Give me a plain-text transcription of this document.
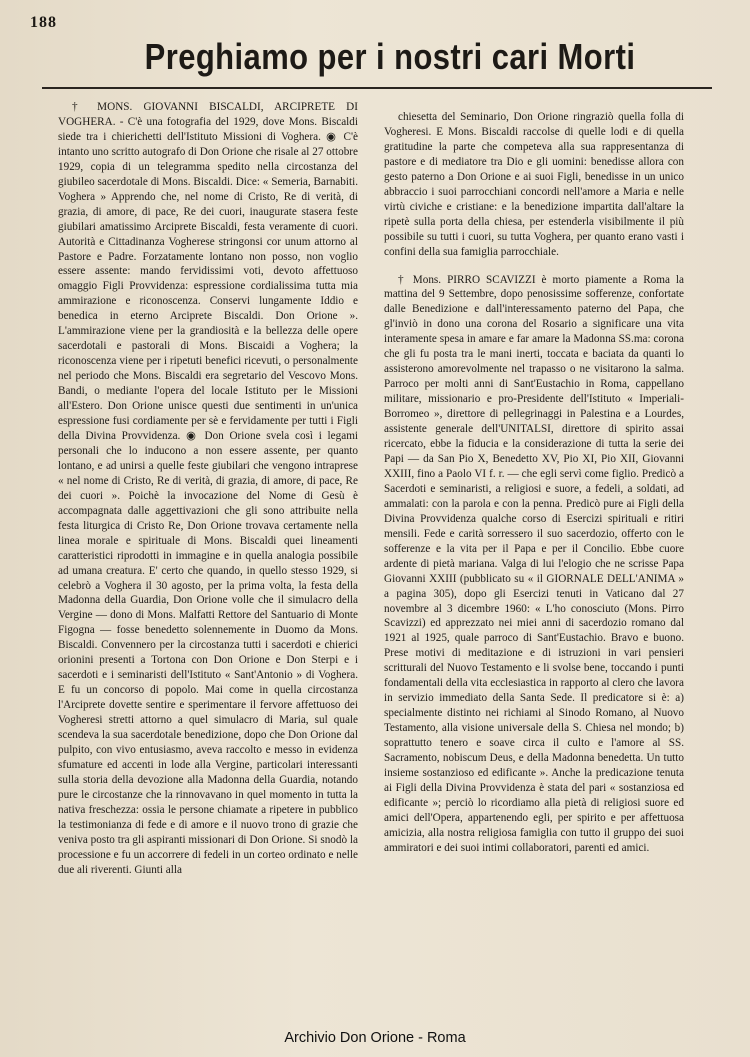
188
Preghiamo per i nostri cari Morti

† MONS. GIOVANNI BISCALDI, ARCIPRETE DI VOGHERA. - C'è una fotografia del 1929, dove Mons. Biscaldi siede tra i chierichetti dell'Istituto Missioni di Voghera. ◉ C'è intanto uno scritto autografo di Don Orione che risale al 27 ottobre 1929, copia di un telegramma spedito nella circostanza del giubileo sacerdotale di Mons. Biscaldi. Dice: « Semeria, Barnabiti. Voghera » Apprendo che, nel nome di Cristo, Re di verità, di grazia, di amore, di pace, Re dei cuori, inaugurate stasera feste giubilari amatissimo Arciprete Biscaldi, festa veramente di cuori. Autorità e Cittadinanza Vogherese stringonsi cor unum attorno al Pastore e Padre. Forzatamente lontano non posso, non voglio essere assente: mando fervidissimi voti, devoto affettuoso omaggio Figli Provvidenza: espressione cordialissima tutta mia ammirazione e riconoscenza. Conservi lungamente Iddio e benedica in eterno Arciprete Biscaldi. Don Orione ». L'ammirazione viene per la grandiosità e la bellezza delle opere sacerdotali e pastorali di Mons. Biscaidi a Voghera; la riconoscenza viene per i ripetuti benefici ricevuti, o personalmente nel periodo che Mons. Biscaldi era segretario del Vescovo Mons. Bandi, o mediante l'opera del locale Istituto per le Missioni all'Estero. Don Orione unisce questi due sentimenti in un'unica espressione fusi cordiamente per sè e fervidamente per tutti i Figli della Divina Provvidenza. ◉ Don Orione svela così i legami personali che lo inducono a non essere assente, per quanto lontano, e ad unirsi a quelle feste giubilari che vengono intraprese « nel nome di Cristo, Re di verità, di grazia, di amore, di pace, Re dei cuori ». Poichè la invocazione del Nome di Gesù è accompagnata dalle aggettivazioni che gli sono attribuite nella festa liturgica di Cristo Re, Don Orione trovava certamente nella linea morale e spirituale di Mons. Biscaldi quei lineamenti caratteristici riprodotti in immagine e in quella analogia possibile ad umana creatura. E' certo che quando, in quello stesso 1929, si celebrò a Voghera il 30 agosto, per la prima volta, la festa della Madonna della Guardia, Don Orione volle che il simulacro della Vergine — dono di Mons. Malfatti Rettore del Santuario di Monte Figogna — fosse benedetto solennemente in Duomo da Mons. Biscaldi. Convennero per la circostanza tutti i sacerdoti e chierici orionini presenti a Tortona con Don Orione e Don Sterpi e i sacerdoti e i seminaristi dell'Istituto « Sant'Antonio » di Voghera. E fu un concorso di popolo. Mai come in quella circostanza l'Arciprete dovette sentire e sperimentare il fervore affettuoso dei Vogheresi stretti attorno a quel simulacro di Maria, sul quale scendeva la sua sacerdotale benedizione, dopo che Don Orione dal pulpito, con vivo entusiasmo, aveva raccolto e messo in evidenza sfumature ed accenti in lode alla Vergine, particolari interessanti sulla storia della devozione alla Madonna della Guardia, notando pure le circostanze che la rinnovavano in quel momento in tutta la nativa freschezza: ossia le persone chiamate a ripetere in pubblico la testimonianza di fede e di amore e il nuovo trono di grazie che veniva posto tra gli aspiranti missionari di Don Orione. Si snodò la processione e fu un accorrere di fedeli in un corteo ordinato e nelle due ali riverenti. Giunti alla

chiesetta del Seminario, Don Orione ringraziò quella folla di Vogheresi. E Mons. Biscaldi raccolse di quelle lodi e di quella gratitudine la parte che competeva alla sua rappresentanza di pastore e di mediatore tra Dio e gli uomini: benedisse allora con gesto paterno a Don Orione e ai suoi Figli, benedisse in un unico abbraccio i suoi parrocchiani concordi nell'amore a Maria e nelle virtù civiche e cristiane: e la benedizione impartita dall'altare la ripetè sulla porta della chiesa, per estenderla visibilmente il più possibile su tutti i cuori, su tutta Voghera, per quanto erano vasti i confini della sua famiglia parrocchiale.

† Mons. PIRRO SCAVIZZI è morto piamente a Roma la mattina del 9 Settembre, dopo penosissime sofferenze, confortate dalle Benedizione e dall'interessamento paterno del Papa, che gl'inviò in dono una corona del Rosario a significare una vita interamente spesa in amare e far amare la Madonna SS.ma: corona che gli fu posta tra le mani inerti, toccata e baciata da quanti lo assisterono amorevolmente nel trapasso o ne visitarono la salma. Parroco per molti anni di Sant'Eustachio in Roma, cappellano militare, missionario e pro-Presidente dell'Istituto « Imperiali-Borromeo », direttore di pellegrinaggi in Palestina e a Lourdes, assistente generale dell'UNITALSI, direttore di spirito assai ricercato, ebbe la fiducia e la considerazione di tutta la serie dei Papi — da San Pio X, Benedetto XV, Pio XI, Pio XII, Giovanni XXIII, fino a Paolo VI f. r. — che egli servì come figlio. Predicò a Sacerdoti e seminaristi, a religiosi e suore, a fedeli, a soldati, ad ammalati: con la parola e con la penna. Predicò pure ai Figli della Divina Provvidenza qualche corso di Esercizi spirituali e ritiri mensili. Fede e carità sorressero il suo sacerdozio, offerto con le sofferenze e la vita per il Papa e per il Concilio. Ebbe cuore ardente di pietà mariana. Valga di lui l'elogio che ne scrisse Papa Giovanni XXIII (pubblicato su « il GIORNALE DELL'ANIMA » a pagina 305), dopo gli Esercizi tenuti in Vaticano dal 27 novembre al 3 dicembre 1960: « L'ho conosciuto (Mons. Pirro Scavizzi) ed apprezzato nei miei anni di sacerdozio romano dal 1921 al 1925, quale parroco di Sant'Eustachio. Bravo e buono. Prese motivi di meditazione e di istruzioni in vari pensieri scritturali del Nuovo Testamento e li svolse bene, toccando i punti fondamentali della vita ecclesiastica in rapporto al clero che lavora in servizio immediato della Santa Sede. Il predicatore si è: a) specialmente distinto nei richiami al Sinodo Romano, al Nuovo Testamento, alla visione universale della S. Chiesa nel mondo; b) soprattutto tenero e soave circa il culto e l'amore al SS. Sacramento, nobiscum Deus, e della Madonna benedetta. Un tutto insieme sostanzioso ed edificante ». Anche la predicazione tenuta ai Figli della Divina Provvidenza è stata del pari « sostanziosa ed edificante »; perciò lo ricordiamo alla pietà di religiosi suore ed amici dell'Opera, appartenendo egli, per spirito e per affettuosa amicizia, alla nostra religiosa famiglia con tutto il gruppo dei suoi ammiratori e dei suoi intimi collaboratori, parenti ed amici.

Archivio Don Orione - Roma
